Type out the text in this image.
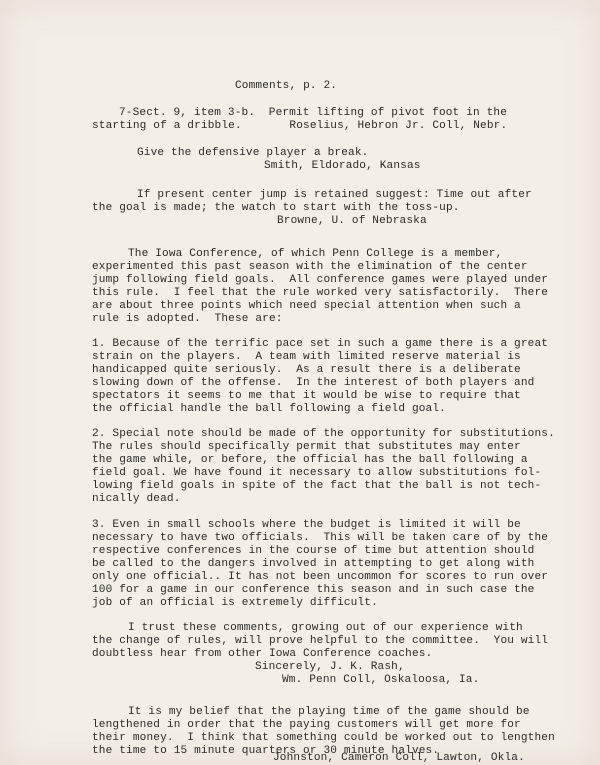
Comments, p. 2.
7-Sect. 9, item 3-b.  Permit lifting of pivot foot in the
starting of a dribble.       Roselius, Hebron Jr. Coll, Nebr.
Give the defensive player a break.
Smith, Eldorado, Kansas
If present center jump is retained suggest: Time out after
the goal is made; the watch to start with the toss-up.
Browne, U. of Nebraska
The Iowa Conference, of which Penn College is a member,
experimented this past season with the elimination of the center
jump following field goals.  All conference games were played under
this rule.  I feel that the rule worked very satisfactorily.  There
are about three points which need special attention when such a
rule is adopted.  These are:
1. Because of the terrific pace set in such a game there is a great
strain on the players.  A team with limited reserve material is
handicapped quite seriously.  As a result there is a deliberate
slowing down of the offense.  In the interest of both players and
spectators it seems to me that it would be wise to require that
the official handle the ball following a field goal.
2. Special note should be made of the opportunity for substitutions.
The rules should specifically permit that substitutes may enter
the game while, or before, the official has the ball following a
field goal. We have found it necessary to allow substitutions fol-
lowing field goals in spite of the fact that the ball is not tech-
nically dead.
3. Even in small schools where the budget is limited it will be
necessary to have two officials.  This will be taken care of by the
respective conferences in the course of time but attention should
be called to the dangers involved in attempting to get along with
only one official.. It has not been uncommon for scores to run over
100 for a game in our conference this season and in such case the
job of an official is extremely difficult.
I trust these comments, growing out of our experience with
the change of rules, will prove helpful to the committee.  You will
doubtless hear from other Iowa Conference coaches.
Sincerely, J. K. Rash,
Wm. Penn Coll, Oskaloosa, Ia.
It is my belief that the playing time of the game should be
lengthened in order that the paying customers will get more for
their money.  I think that something could be worked out to lengthen
the time to 15 minute quarters or 30 minute halves.
Johnston, Cameron Coll, Lawton, Okla.
